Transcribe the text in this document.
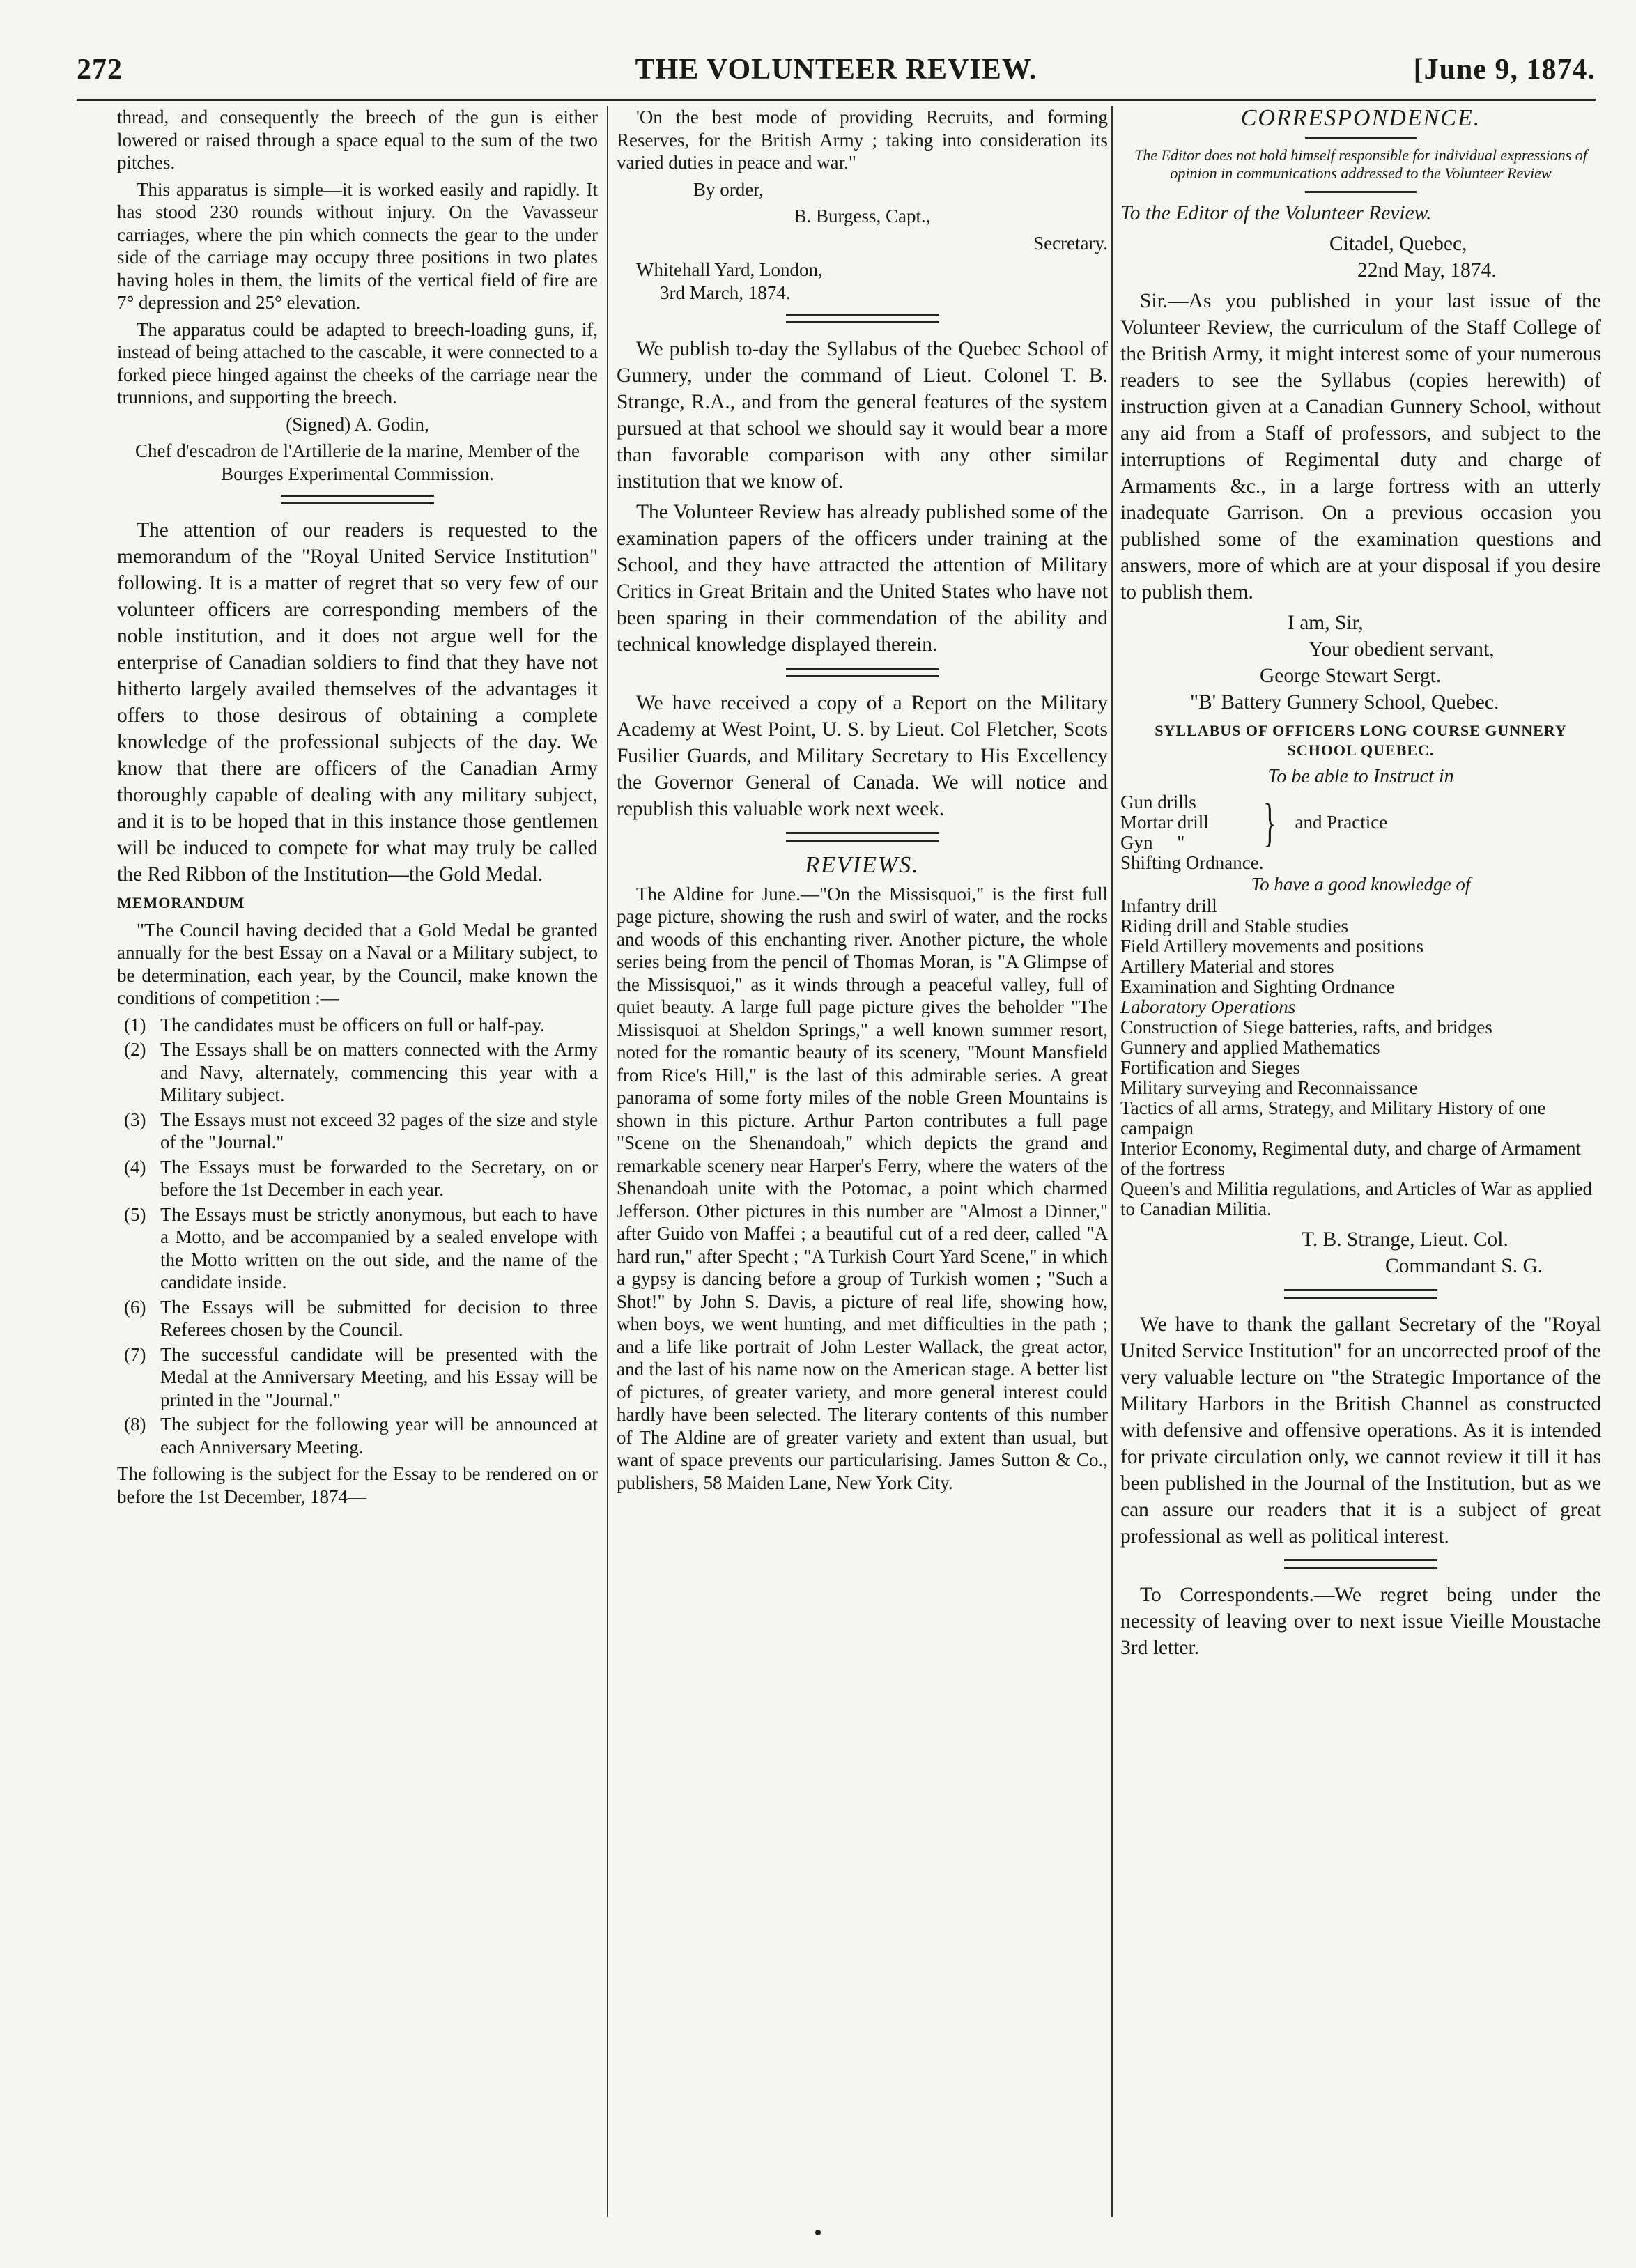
THE VOLUNTEER REVIEW.
272	[June 9, 1874.

thread, and consequently the breech of the gun is either lowered or raised through a space equal to the sum of the two pitches.

This apparatus is simple—it is worked easily and rapidly. It has stood 230 rounds without injury. On the Vavasseur carriages, where the pin which connects the gear to the under side of the carriage may occupy three positions in two plates having holes in them, the limits of the vertical field of fire are 7° depression and 25° elevation.

The apparatus could be adapted to breech-loading guns, if, instead of being attached to the cascable, it were connected to a forked piece hinged against the cheeks of the carriage near the trunnions, and supporting the breech.

(Signed) A. Godin,

Chef d'escadron de l'Artillerie de la marine, Member of the Bourges Experimental Commission.

The attention of our readers is requested to the memorandum of the "Royal United Service Institution" following. It is a matter of regret that so very few of our volunteer officers are corresponding members of the noble institution, and it does not argue well for the enterprise of Canadian soldiers to find that they have not hitherto largely availed themselves of the advantages it offers to those desirous of obtaining a complete knowledge of the professional subjects of the day. We know that there are officers of the Canadian Army thoroughly capable of dealing with any military subject, and it is to be hoped that in this instance those gentlemen will be induced to compete for what may truly be called the Red Ribbon of the Institution—the Gold Medal.

MEMORANDUM

"The Council having decided that a Gold Medal be granted annually for the best Essay on a Naval or a Military subject, to be determination, each year, by the Council, make known the conditions of competition :—

(1) The candidates must be officers on full or half-pay.
(2) The Essays shall be on matters connected with the Army and Navy, alternately, commencing this year with a Military subject.
(3) The Essays must not exceed 32 pages of the size and style of the "Journal."
(4) The Essays must be forwarded to the Secretary, on or before the 1st December in each year.
(5) The Essays must be strictly anonymous, but each to have a Motto, and be accompanied by a sealed envelope with the Motto written on the out side, and the name of the candidate inside.
(6) The Essays will be submitted for decision to three Referees chosen by the Council.
(7) The successful candidate will be presented with the Medal at the Anniversary Meeting, and his Essay will be printed in the "Journal."
(8) The subject for the following year will be announced at each Anniversary Meeting.

The following is the subject for the Essay to be rendered on or before the 1st December, 1874—

'On the best mode of providing Recruits, and forming Reserves, for the British Army ; taking into consideration its varied duties in peace and war."

By order,

B. Burgess, Capt.,

Secretary.

Whitehall Yard, London,

3rd March, 1874.

We publish to-day the Syllabus of the Quebec School of Gunnery, under the command of Lieut. Colonel T. B. Strange, R.A., and from the general features of the system pursued at that school we should say it would bear a more than favorable comparison with any other similar institution that we know of.

The Volunteer Review has already published some of the examination papers of the officers under training at the School, and they have attracted the attention of Military Critics in Great Britain and the United States who have not been sparing in their commendation of the ability and technical knowledge displayed therein.

We have received a copy of a Report on the Military Academy at West Point, U. S. by Lieut. Col Fletcher, Scots Fusilier Guards, and Military Secretary to His Excellency the Governor General of Canada. We will notice and republish this valuable work next week.

REVIEWS.

The Aldine for June.—"On the Missisquoi," is the first full page picture, showing the rush and swirl of water, and the rocks and woods of this enchanting river. Another picture, the whole series being from the pencil of Thomas Moran, is "A Glimpse of the Missisquoi," as it winds through a peaceful valley, full of quiet beauty. A large full page picture gives the beholder "The Missisquoi at Sheldon Springs," a well known summer resort, noted for the romantic beauty of its scenery, "Mount Mansfield from Rice's Hill," is the last of this admirable series. A great panorama of some forty miles of the noble Green Mountains is shown in this picture. Arthur Parton contributes a full page "Scene on the Shenandoah," which depicts the grand and remarkable scenery near Harper's Ferry, where the waters of the Shenandoah unite with the Potomac, a point which charmed Jefferson. Other pictures in this number are "Almost a Dinner," after Guido von Maffei ; a beautiful cut of a red deer, called "A hard run," after Specht ; "A Turkish Court Yard Scene," in which a gypsy is dancing before a group of Turkish women ; "Such a Shot!" by John S. Davis, a picture of real life, showing how, when boys, we went hunting, and met difficulties in the path ; and a life like portrait of John Lester Wallack, the great actor, and the last of his name now on the American stage. A better list of pictures, of greater variety, and more general interest could hardly have been selected. The literary contents of this number of The Aldine are of greater variety and extent than usual, but want of space prevents our particularising. James Sutton & Co., publishers, 58 Maiden Lane, New York City.

CORRESPONDENCE.
The Editor does not hold himself responsible for individual expressions of opinion in communications addressed to the Volunteer Review

To the Editor of the Volunteer Review.

Citadel, Quebec,

22nd May, 1874.

Sir.—As you published in your last issue of the Volunteer Review, the curriculum of the Staff College of the British Army, it might interest some of your numerous readers to see the Syllabus (copies herewith) of instruction given at a Canadian Gunnery School, without any aid from a Staff of professors, and subject to the interruptions of Regimental duty and charge of Armaments &c., in a large fortress with an utterly inadequate Garrison. On a previous occasion you published some of the examination questions and answers, more of which are at your disposal if you desire to publish them.

I am, Sir,

Your obedient servant,

George Stewart Sergt.

"B' Battery Gunnery School, Quebec.

SYLLABUS OF OFFICERS LONG COURSE GUNNERY SCHOOL QUEBEC.

To be able to Instruct in

Gun drills
Mortar drill
Gyn "	} and Practice
Shifting Ordnance.
To have a good knowledge of
Infantry drill
Riding drill and Stable studies
Field Artillery movements and positions
Artillery Material and stores
Examination and Sighting Ordnance
Laboratory Operations
Construction of Siege batteries, rafts, and bridges
Gunnery and applied Mathematics
Fortification and Sieges
Military surveying and Reconnaissance
Tactics of all arms, Strategy, and Military History of one campaign
Interior Economy, Regimental duty, and charge of Armament of the fortress
Queen's and Militia regulations, and Articles of War as applied to Canadian Militia.

T. B. Strange, Lieut. Col.

Commandant S. G.

We have to thank the gallant Secretary of the "Royal United Service Institution" for an uncorrected proof of the very valuable lecture on "the Strategic Importance of the Military Harbors in the British Channel as constructed with defensive and offensive operations. As it is intended for private circulation only, we cannot review it till it has been published in the Journal of the Institution, but as we can assure our readers that it is a subject of great professional as well as political interest.

To Correspondents.—We regret being under the necessity of leaving over to next issue Vieille Moustache 3rd letter.
